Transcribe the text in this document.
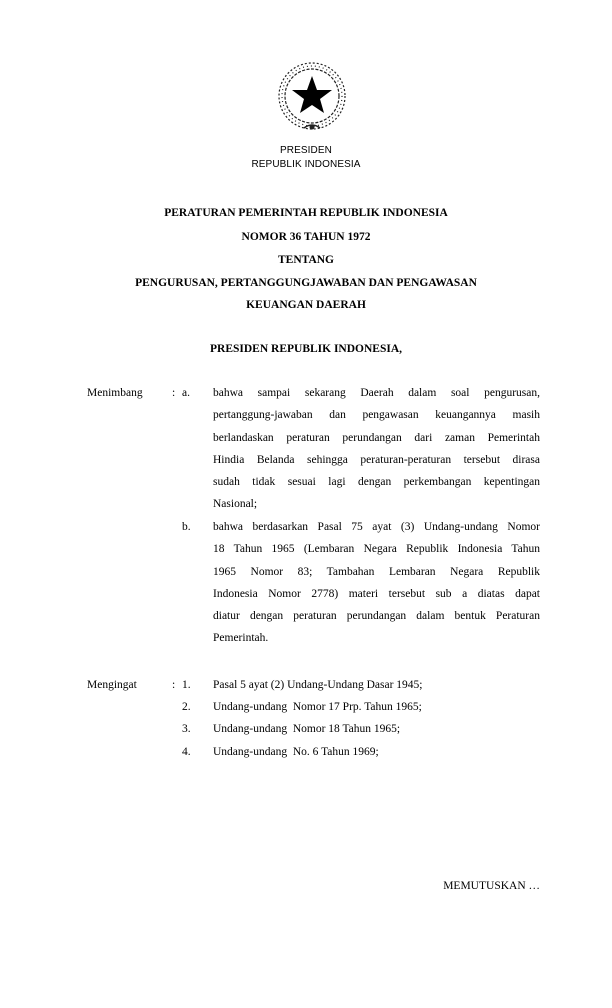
PRESIDEN
REPUBLIK INDONESIA
PERATURAN PEMERINTAH REPUBLIK INDONESIA
NOMOR 36 TAHUN 1972
TENTANG
PENGURUSAN, PERTANGGUNGJAWABAN DAN PENGAWASAN
KEUANGAN DAERAH
PRESIDEN REPUBLIK INDONESIA,
Menimbang	: a. bahwa sampai sekarang Daerah dalam soal pengurusan,
pertanggung-jawaban dan pengawasan keuangannya masih
berlandaskan peraturan perundangan dari zaman Pemerintah
Hindia Belanda sehingga peraturan-peraturan tersebut dirasa
sudah tidak sesuai lagi dengan perkembangan kepentingan
Nasional;
b. bahwa berdasarkan Pasal 75 ayat (3) Undang-undang Nomor
18 Tahun 1965 (Lembaran Negara Republik Indonesia Tahun
1965 Nomor 83; Tambahan Lembaran Negara Republik
Indonesia Nomor 2778) materi tersebut sub a diatas dapat
diatur dengan peraturan perundangan dalam bentuk Peraturan
Pemerintah.
Mengingat	: 1. Pasal 5 ayat (2) Undang-Undang Dasar 1945;
2. Undang-undang  Nomor 17 Prp. Tahun 1965;
3. Undang-undang  Nomor 18 Tahun 1965;
4. Undang-undang  No. 6 Tahun 1969;
MEMUTUSKAN …
